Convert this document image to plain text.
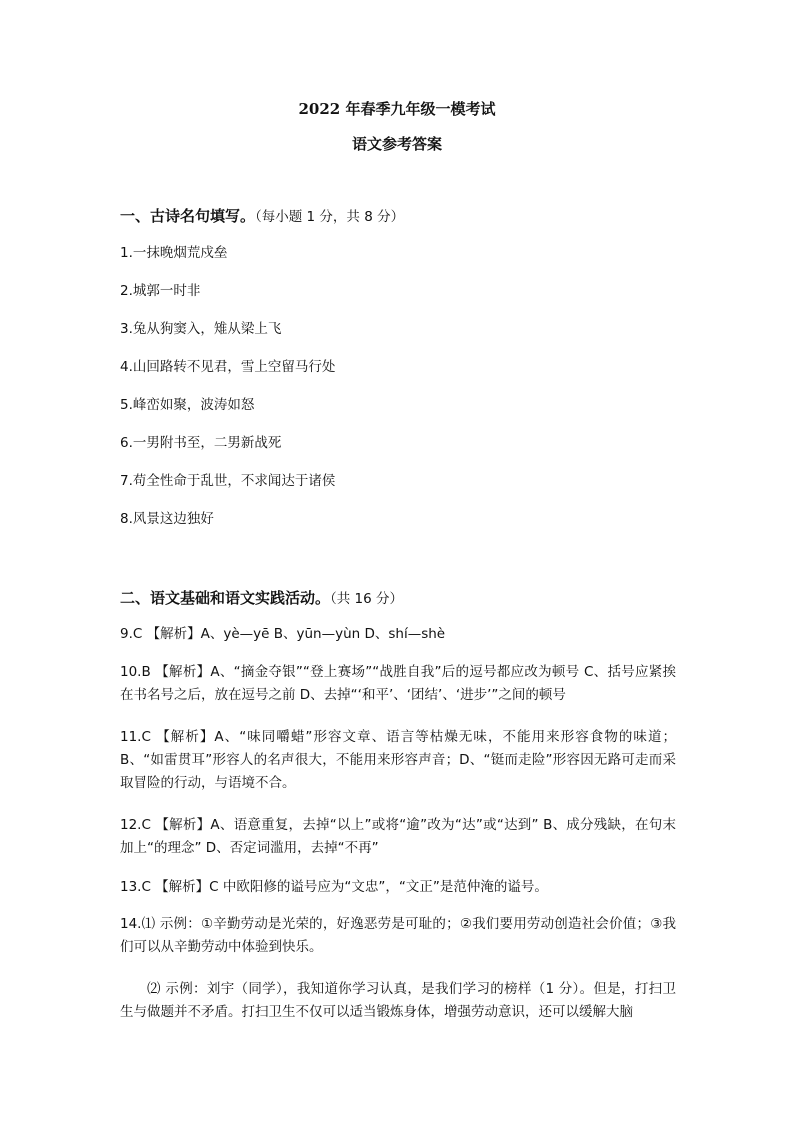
2022 年春季九年级一模考试
语文参考答案
一、古诗名句填写。（每小题 1 分，共 8 分）
1.一抹晚烟荒戍垒
2.城郭一时非
3.兔从狗窦入，雉从梁上飞
4.山回路转不见君，雪上空留马行处
5.峰峦如聚，波涛如怒
6.一男附书至，二男新战死
7.苟全性命于乱世，不求闻达于诸侯
8.风景这边独好
二、语文基础和语文实践活动。（共 16 分）
9.C 【解析】A、yè—yē B、yūn—yùn D、shí—shè
10.B 【解析】A、“摘金夺银”“登上赛场”“战胜自我”后的逗号都应改为顿号 C、括号应紧挨在书名号之后，放在逗号之前 D、去掉“‘和平’、‘团结’、‘进步’”之间的顿号
11.C 【解析】A、“味同嚼蜡”形容文章、语言等枯燥无味，不能用来形容食物的味道；B、“如雷贯耳”形容人的名声很大，不能用来形容声音；D、“铤而走险”形容因无路可走而采取冒险的行动，与语境不合。
12.C 【解析】A、语意重复，去掉“以上”或将“逾”改为“达”或“达到” B、成分残缺，在句末加上“的理念” D、否定词滥用，去掉“不再”
13.C 【解析】C 中欧阳修的谥号应为“文忠”，“文正”是范仲淹的谥号。
14.⑴ 示例：①辛勤劳动是光荣的，好逸恶劳是可耻的；②我们要用劳动创造社会价值；③我们可以从辛勤劳动中体验到快乐。
⑵ 示例：刘宇（同学），我知道你学习认真，是我们学习的榜样（1 分）。但是，打扫卫生与做题并不矛盾。打扫卫生不仅可以适当锻炼身体，增强劳动意识，还可以缓解大脑
